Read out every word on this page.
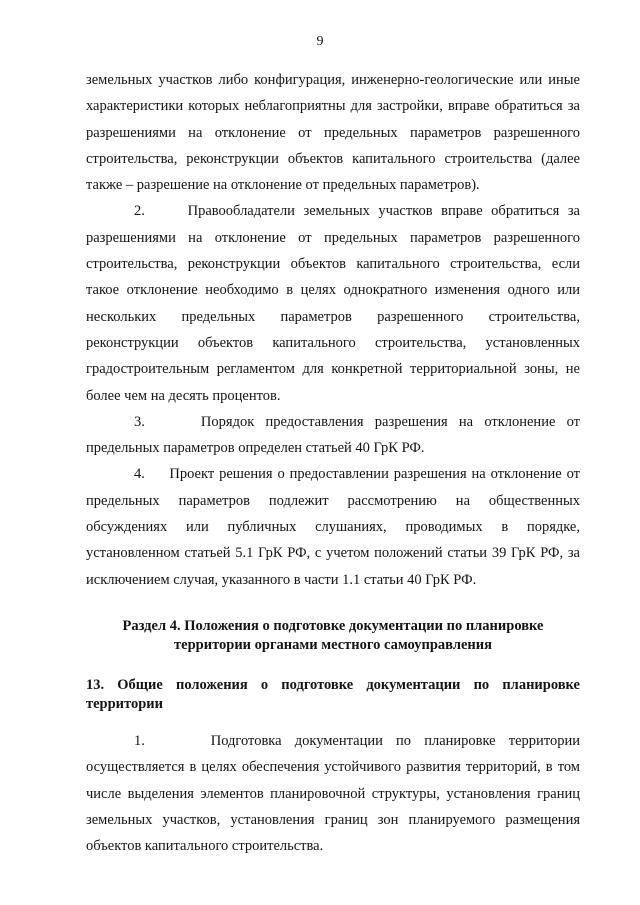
9

земельных участков либо конфигурация, инженерно-геологические или иные характеристики которых неблагоприятны для застройки, вправе обратиться за разрешениями на отклонение от предельных параметров разрешенного строительства, реконструкции объектов капитального строительства (далее также – разрешение на отклонение от предельных параметров).

2.     Правообладатели земельных участков вправе обратиться за разрешениями на отклонение от предельных параметров разрешенного строительства, реконструкции объектов капитального строительства, если такое отклонение необходимо в целях однократного изменения одного или нескольких предельных параметров разрешенного строительства, реконструкции объектов капитального строительства, установленных градостроительным регламентом для конкретной территориальной зоны, не более чем на десять процентов.

3.     Порядок предоставления разрешения на отклонение от предельных параметров определен статьей 40 ГрК РФ.

4.     Проект решения о предоставлении разрешения на отклонение от предельных параметров подлежит рассмотрению на общественных обсуждениях или публичных слушаниях, проводимых в порядке, установленном статьей 5.1 ГрК РФ, с учетом положений статьи 39 ГрК РФ, за исключением случая, указанного в части 1.1 статьи 40 ГрК РФ.

Раздел 4. Положения о подготовке документации по планировке территории органами местного самоуправления

13. Общие положения о подготовке документации по планировке территории

1.     Подготовка документации по планировке территории осуществляется в целях обеспечения устойчивого развития территорий, в том числе выделения элементов планировочной структуры, установления границ земельных участков, установления границ зон планируемого размещения объектов капитального строительства.
